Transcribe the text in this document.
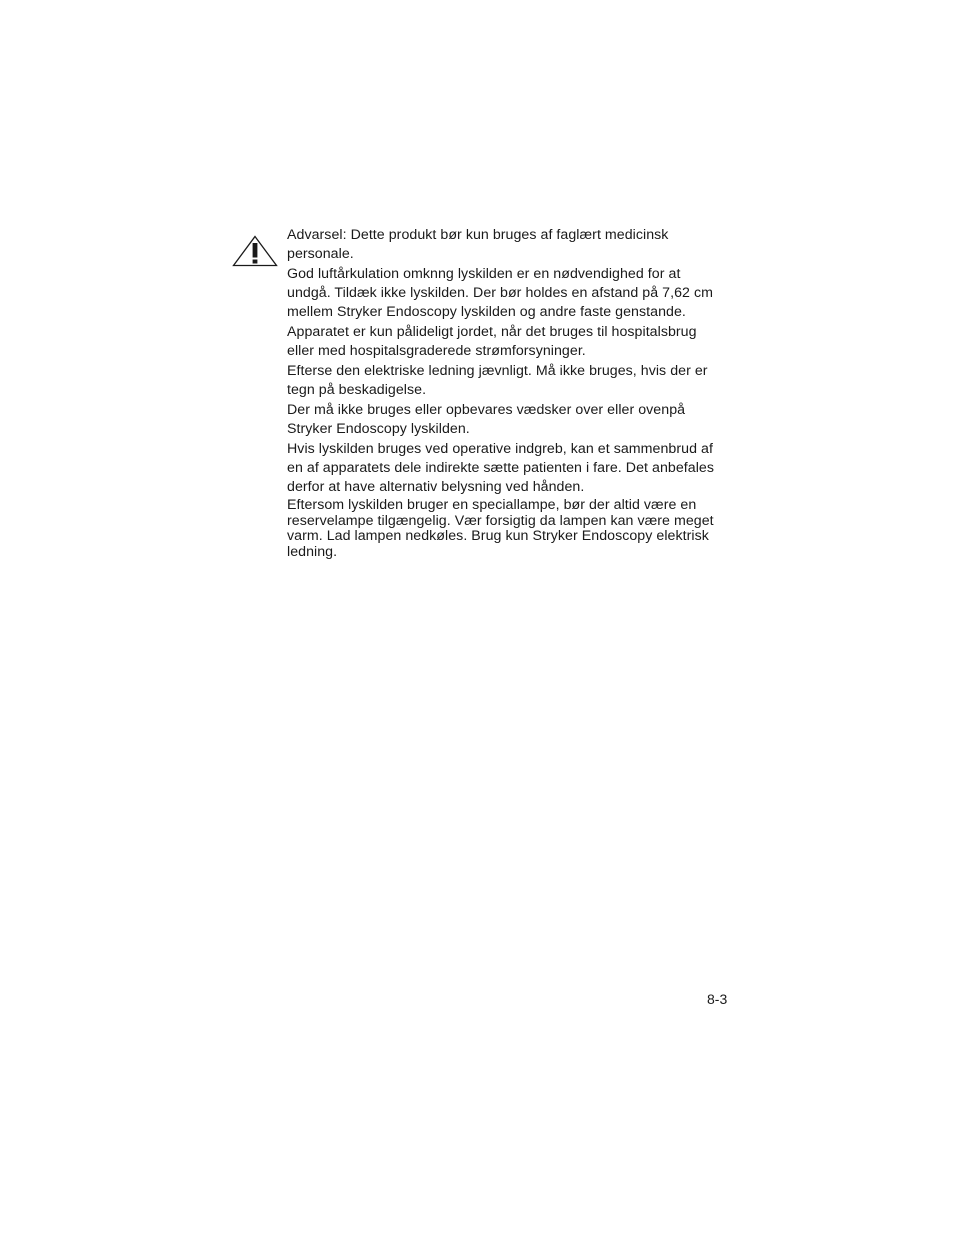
Advarsel: Dette produkt bør kun bruges af faglært medicinsk personale.

God luftårkulation omknng lyskilden er en nødvendighed for at undgå. Tildæk ikke lyskilden. Der bør holdes en afstand på 7,62 cm mellem Stryker Endoscopy lyskilden og andre faste genstande.

Apparatet er kun pålideligt jordet, når det bruges til hospitalsbrug eller med hospitalsgraderede strømforsyninger.

Efterse den elektriske ledning jævnligt. Må ikke bruges, hvis der er tegn på beskadigelse.

Der må ikke bruges eller opbevares vædsker over eller ovenpå Stryker Endoscopy lyskilden.

Hvis lyskilden bruges ved operative indgreb, kan et sammenbrud af en af apparatets dele indirekte sætte patienten i fare. Det anbefales derfor at have alternativ belysning ved hånden.

Eftersom lyskilden bruger en speciallampe, bør der altid være en reservelampe tilgængelig. Vær forsigtig da lampen kan være meget varm. Lad lampen nedkøles. Brug kun Stryker Endoscopy elektrisk ledning.

8-3
